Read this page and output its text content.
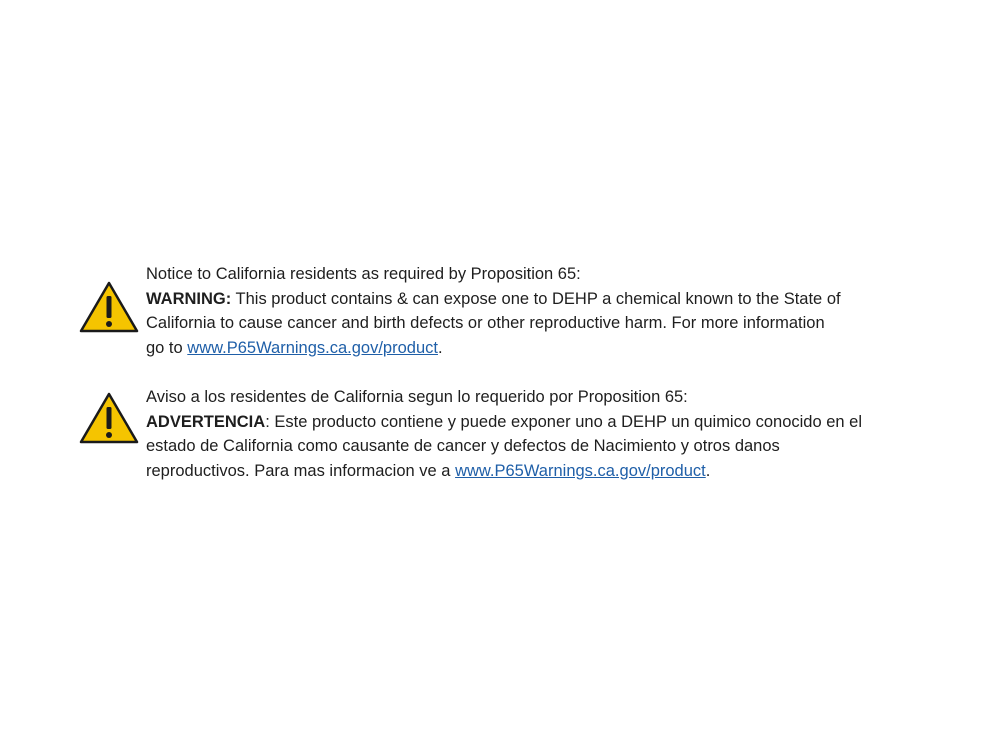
Notice to California residents as required by Proposition 65:
WARNING: This product contains & can expose one to DEHP a chemical known to the State of
California to cause cancer and birth defects or other reproductive harm. For more information
go to www.P65Warnings.ca.gov/product.
Aviso a los residentes de California segun lo requerido por Proposition 65:
ADVERTENCIA: Este producto contiene y puede exponer uno a DEHP un quimico conocido en el
estado de California como causante de cancer y defectos de Nacimiento y otros danos
reproductivos. Para mas informacion ve a www.P65Warnings.ca.gov/product.
